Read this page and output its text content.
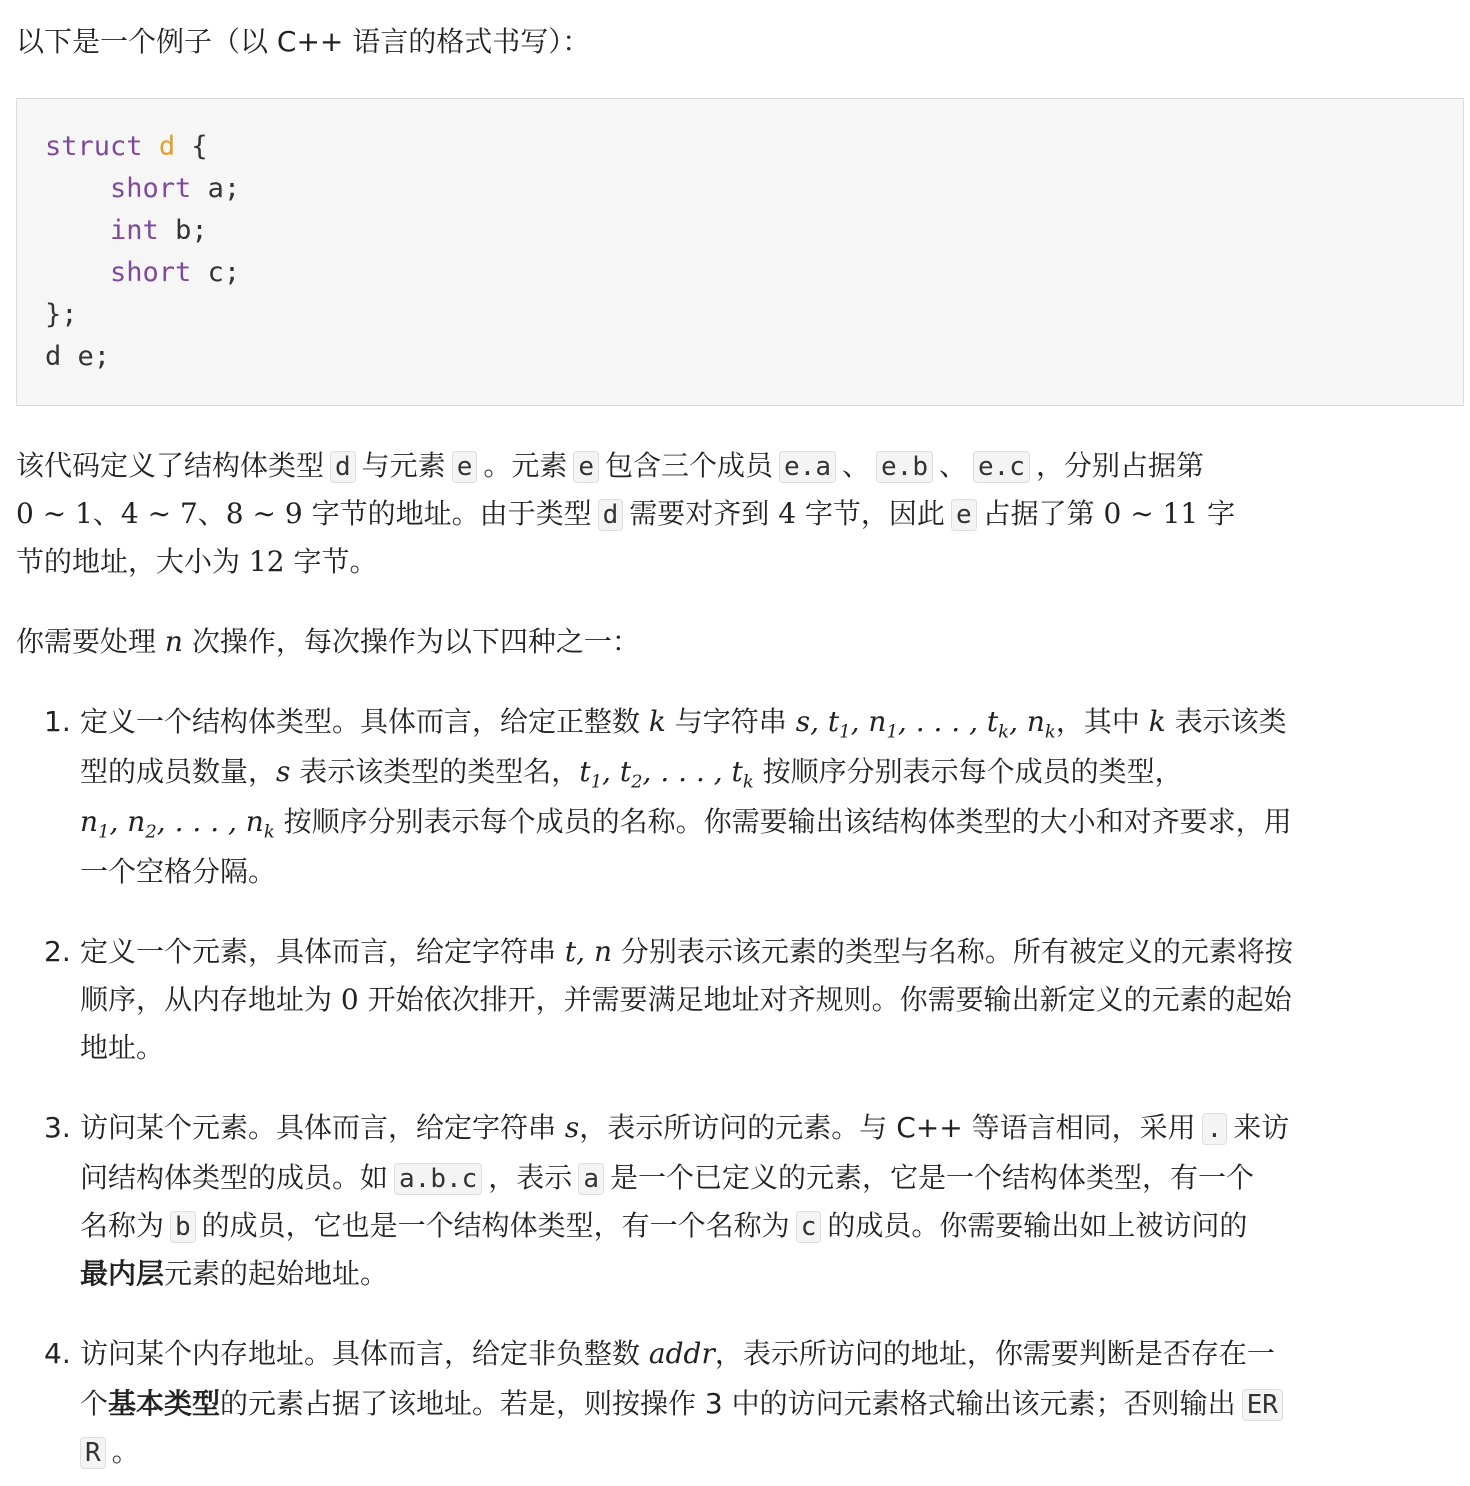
以下是一个例子（以 C++ 语言的格式书写）：
struct d {
short a;
int b;
short c;
};
d e;
该代码定义了结构体类型 d 与元素 e 。元素 e 包含三个成员 e.a 、 e.b 、 e.c ，分别占据第
0 ∼ 1、4 ∼ 7、8 ∼ 9 字节的地址。由于类型 d 需要对齐到 4 字节，因此 e 占据了第 0 ∼ 11 字
节的地址，大小为 12 字节。
你需要处理 n 次操作，每次操作为以下四种之一：
1. 定义一个结构体类型。具体而言，给定正整数 k 与字符串 s, $t_1$, $n_1$, . . . , $t_k$, $n_k$，其中 k 表示该类
型的成员数量，s 表示该类型的类型名，$t_1$, $t_2$, . . . , $t_k$ 按顺序分别表示每个成员的类型，
$n_1$, $n_2$, . . . , $n_k$ 按顺序分别表示每个成员的名称。你需要输出该结构体类型的大小和对齐要求，用
一个空格分隔。
2. 定义一个元素，具体而言，给定字符串 t, n 分别表示该元素的类型与名称。所有被定义的元素将按
顺序，从内存地址为 0 开始依次排开，并需要满足地址对齐规则。你需要输出新定义的元素的起始
地址。
3. 访问某个元素。具体而言，给定字符串 s，表示所访问的元素。与 C++ 等语言相同，采用 . 来访
问结构体类型的成员。如 a.b.c ，表示 a 是一个已定义的元素，它是一个结构体类型，有一个
名称为 b 的成员，它也是一个结构体类型，有一个名称为 c 的成员。你需要输出如上被访问的
最内层元素的起始地址。
4. 访问某个内存地址。具体而言，给定非负整数 addr，表示所访问的地址，你需要判断是否存在一
个基本类型的元素占据了该地址。若是，则按操作 3 中的访问元素格式输出该元素；否则输出 ER
R 。
